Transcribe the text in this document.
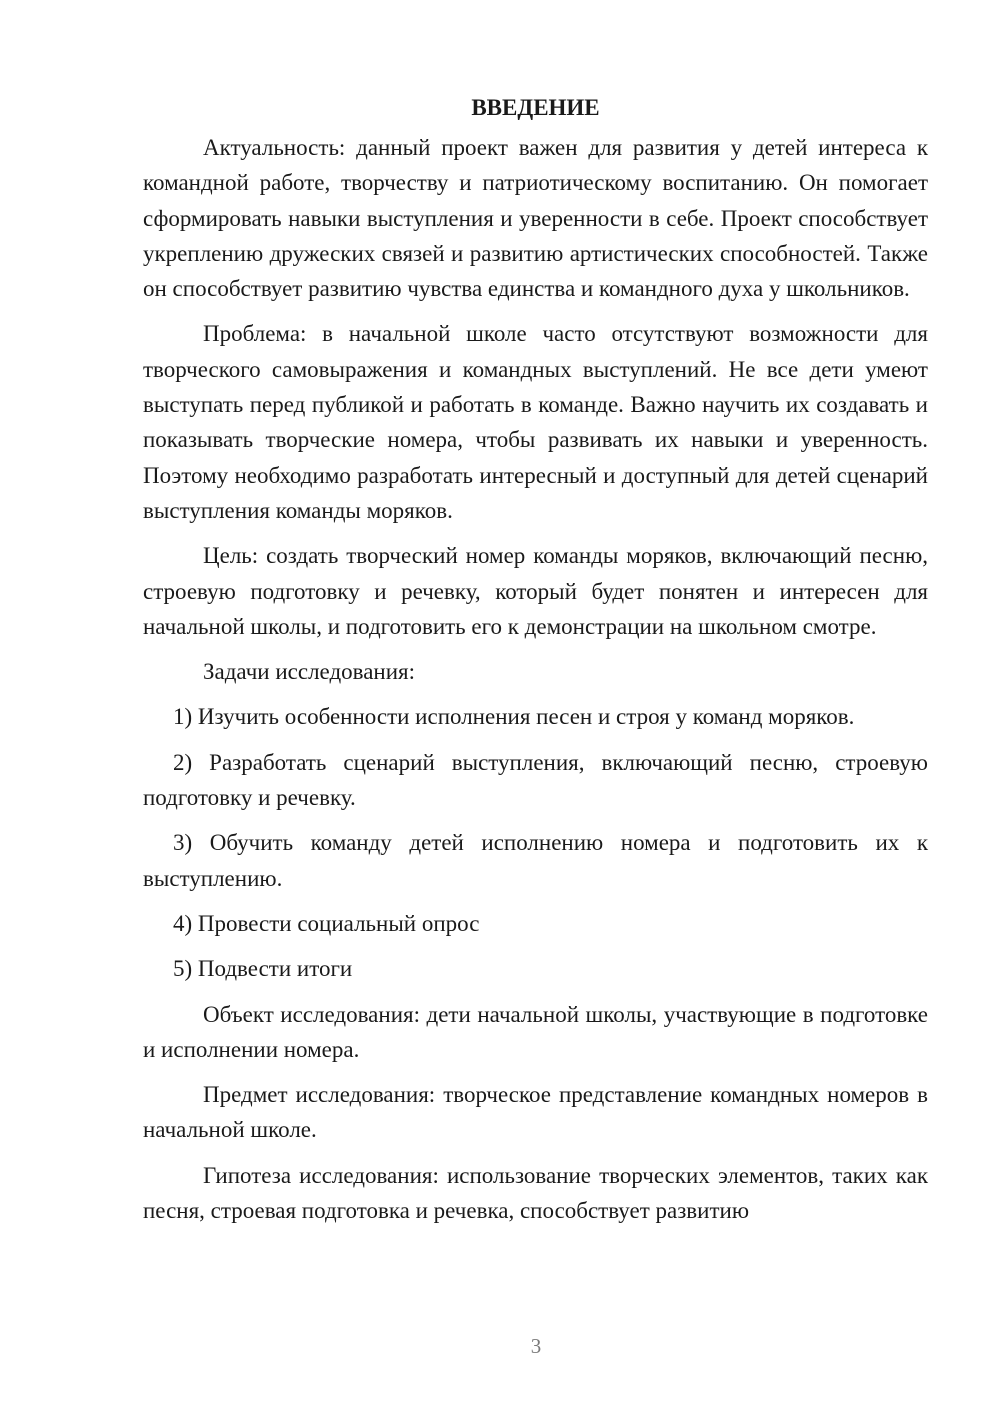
ВВЕДЕНИЕ

Актуальность: данный проект важен для развития у детей интереса к командной работе, творчеству и патриотическому воспитанию. Он помогает сформировать навыки выступления и уверенности в себе. Проект способствует укреплению дружеских связей и развитию артистических способностей. Также он способствует развитию чувства единства и командного духа у школьников.

Проблема: в начальной школе часто отсутствуют возможности для творческого самовыражения и командных выступлений. Не все дети умеют выступать перед публикой и работать в команде. Важно научить их создавать и показывать творческие номера, чтобы развивать их навыки и уверенность. Поэтому необходимо разработать интересный и доступный для детей сценарий выступления команды моряков.

Цель: создать творческий номер команды моряков, включающий песню, строевую подготовку и речевку, который будет понятен и интересен для начальной школы, и подготовить его к демонстрации на школьном смотре.

Задачи исследования:

1) Изучить особенности исполнения песен и строя у команд моряков.

2) Разработать сценарий выступления, включающий песню, строевую подготовку и речевку.

3) Обучить команду детей исполнению номера и подготовить их к выступлению.

4) Провести социальный опрос

5) Подвести итоги

Объект исследования: дети начальной школы, участвующие в подготовке и исполнении номера.

Предмет исследования: творческое представление командных номеров в начальной школе.

Гипотеза исследования: использование творческих элементов, таких как песня, строевая подготовка и речевка, способствует развитию

3
